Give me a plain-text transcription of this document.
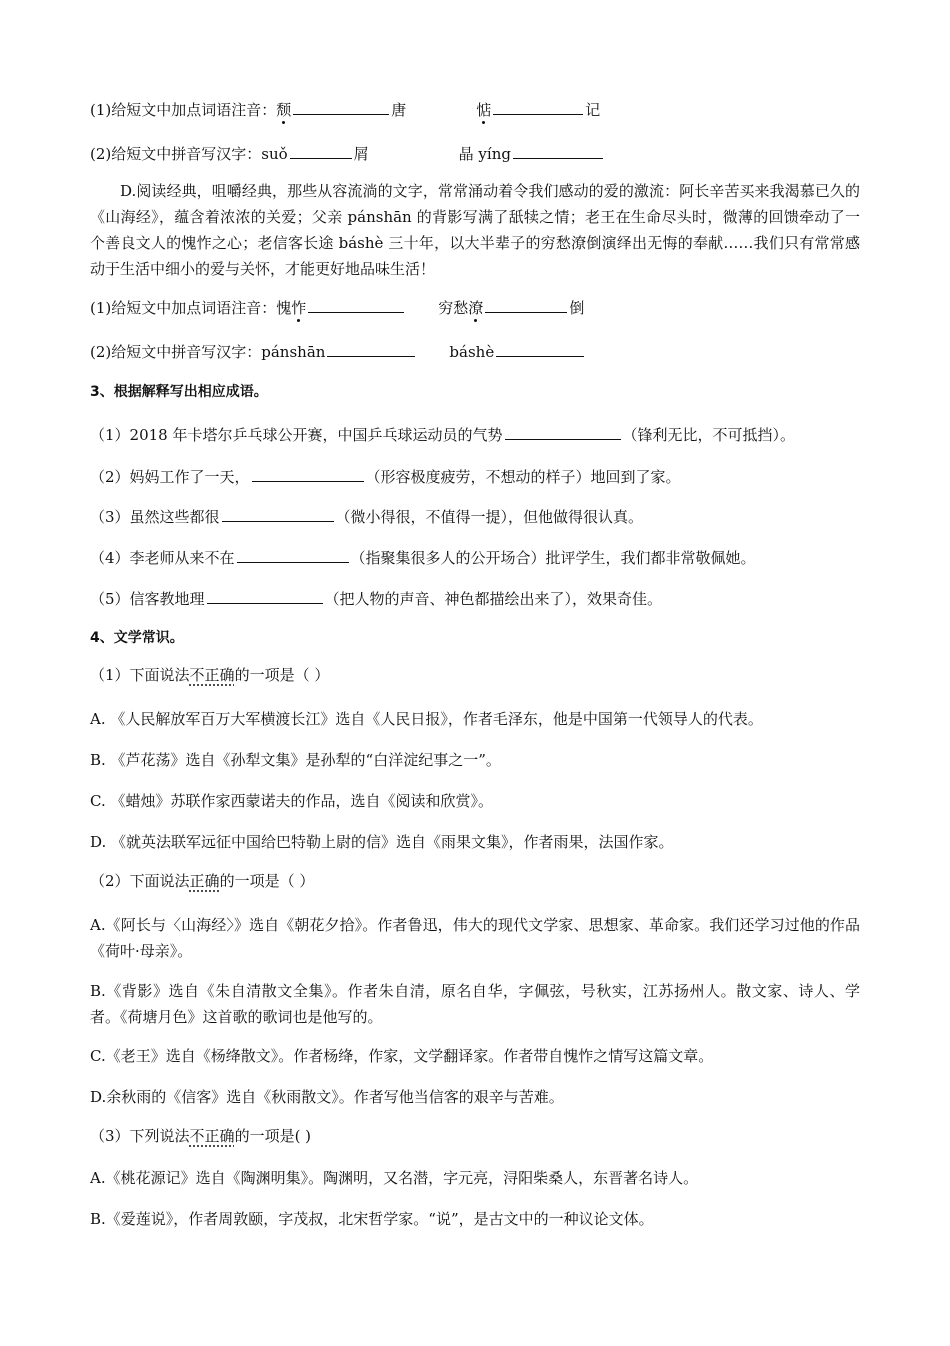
(1)给短文中加点词语注音：颓	唐	惦	记
(2)给短文中拼音写汉字：suǒ	屑	晶 yíng
D.阅读经典，咀嚼经典，那些从容流淌的文字，常常涌动着令我们感动的爱的激流：阿长辛苦买来我渴慕已久的《山海经》，蕴含着浓浓的关爱；父亲 pánshān 的背影写满了舐犊之情；老王在生命尽头时，微薄的回馈牵动了一个善良文人的愧怍之心；老信客长途 báshè 三十年，以大半辈子的穷愁潦倒演绎出无悔的奉献……我们只有常常感动于生活中细小的爱与关怀，才能更好地品味生活！
(1)给短文中加点词语注音：愧怍	穷愁潦	倒
(2)给短文中拼音写汉字：pánshān	báshè
3、根据解释写出相应成语。
（1）2018 年卡塔尔乒乓球公开赛，中国乒乓球运动员的气势	（锋利无比，不可抵挡）。
（2）妈妈工作了一天，	（形容极度疲劳，不想动的样子）地回到了家。
（3）虽然这些都很	（微小得很，不值得一提），但他做得很认真。
（4）李老师从来不在	（指聚集很多人的公开场合）批评学生，我们都非常敬佩她。
（5）信客教地理	（把人物的声音、神色都描绘出来了），效果奇佳。
4、文学常识。
（1）下面说法不正确的一项是（ ）
A. 《人民解放军百万大军横渡长江》选自《人民日报》，作者毛泽东，他是中国第一代领导人的代表。
B. 《芦花荡》选自《孙犁文集》是孙犁的“白洋淀纪事之一”。
C. 《蜡烛》苏联作家西蒙诺夫的作品，选自《阅读和欣赏》。
D. 《就英法联军远征中国给巴特勒上尉的信》选自《雨果文集》，作者雨果，法国作家。
（2）下面说法正确的一项是（ ）
A.《阿长与〈山海经〉》选自《朝花夕拾》。作者鲁迅，伟大的现代文学家、思想家、革命家。我们还学习过他的作品《荷叶·母亲》。
B.《背影》选自《朱自清散文全集》。作者朱自清，原名自华，字佩弦，号秋实，江苏扬州人。散文家、诗人、学者。《荷塘月色》这首歌的歌词也是他写的。
C.《老王》选自《杨绛散文》。作者杨绛，作家，文学翻译家。作者带自愧怍之情写这篇文章。
D.余秋雨的《信客》选自《秋雨散文》。作者写他当信客的艰辛与苦难。
（3）下列说法不正确的一项是( )
A.《桃花源记》选自《陶渊明集》。陶渊明，又名潜，字元亮，浔阳柴桑人，东晋著名诗人。
B.《爱莲说》，作者周敦颐，字茂叔，北宋哲学家。“说”，是古文中的一种议论文体。
